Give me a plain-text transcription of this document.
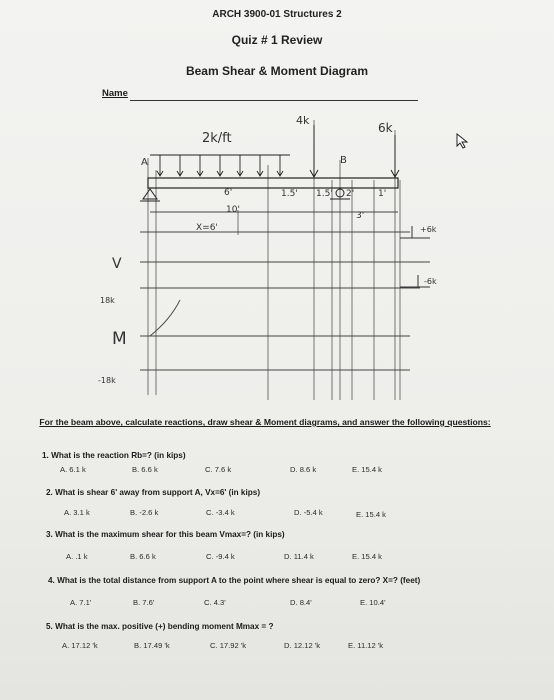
ARCH 3900-01 Structures 2
Quiz # 1 Review
Beam Shear & Moment Diagram
Name
2k/ft
4k
6k
A	B
6'
10'
1.5' 1.5' 2'	1'
3'
X=6'
V
M
+6k
-6k
18k
-18k
For the beam above, calculate reactions, draw shear & Moment diagrams, and answer the following questions:
1. What is the reaction Rb=? (in kips)
A. 6.1 k	B. 6.6 k	C. 7.6 k	D. 8.6 k	E. 15.4 k
2. What is shear 6' away from support A, Vx=6' (in kips)
A. 3.1 k	B. -2.6 k	C. -3.4 k	D. -5.4 k	E. 15.4 k
3. What is the maximum shear for this beam Vmax=? (in kips)
A. .1 k	B. 6.6 k	C. -9.4 k	D. 11.4 k	E. 15.4 k
4. What is the total distance from support A to the point where shear is equal to zero? X=? (feet)
A. 7.1'	B. 7.6'	C. 4.3'	D. 8.4'	E. 10.4'
5. What is the max. positive (+) bending moment Mmax = ?
A. 17.12 'k	B. 17.49 'k	C. 17.92 'k	D. 12.12 'k	E. 11.12 'k
